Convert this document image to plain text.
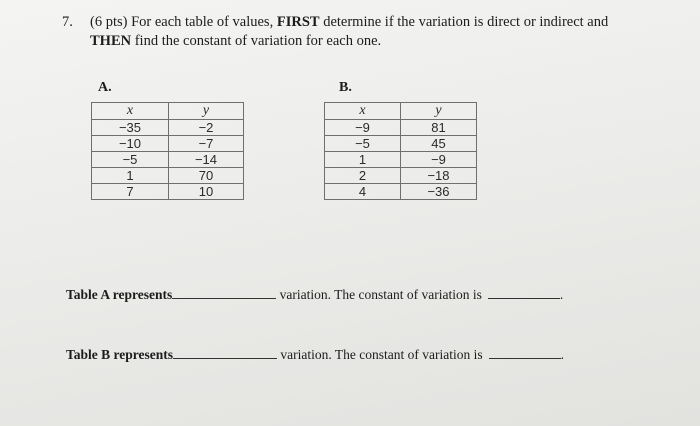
7. (6 pts) For each table of values, FIRST determine if the variation is direct or indirect and
THEN find the constant of variation for each one.
A.
x	y
−35	−2
−10	−7
−5	−14
1	70
7	10
B.
x	y
−9	81
−5	45
1	−9
2	−18
4	−36
Table A represents	variation. The constant of variation is	.
Table B represents	variation. The constant of variation is	.
